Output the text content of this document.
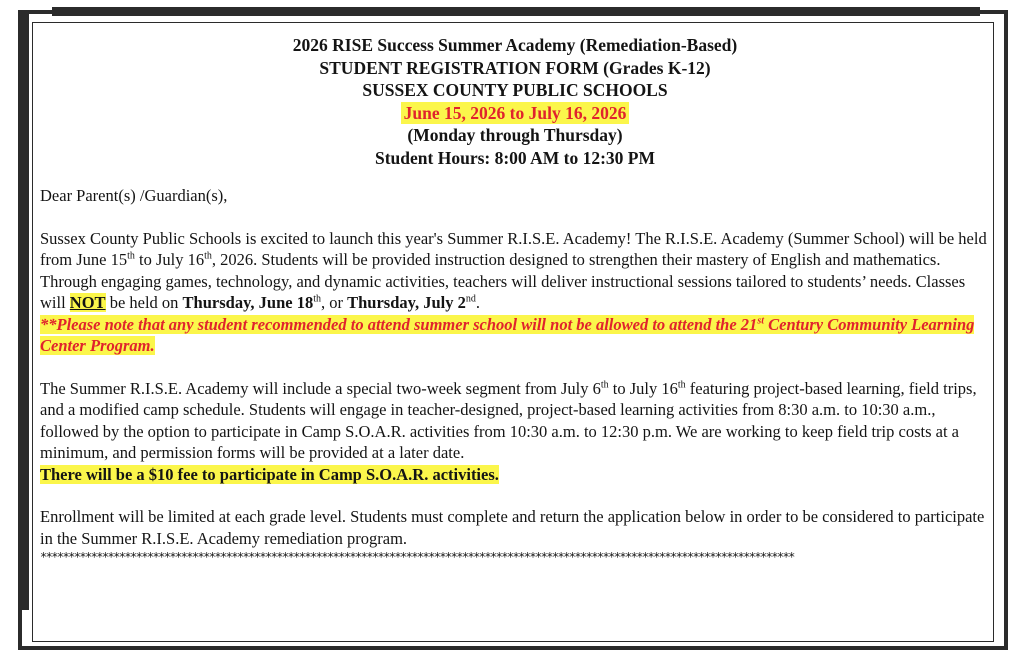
2026 RISE Success Summer Academy (Remediation-Based)
STUDENT REGISTRATION FORM (Grades K-12)
SUSSEX COUNTY PUBLIC SCHOOLS
June 15, 2026 to July 16, 2026
(Monday through Thursday)
Student Hours: 8:00 AM to 12:30 PM

Dear Parent(s) /Guardian(s),

Sussex County Public Schools is excited to launch this year's Summer R.I.S.E. Academy! The R.I.S.E. Academy (Summer School) will be held from June 15th to July 16th, 2026. Students will be provided instruction designed to strengthen their mastery of English and mathematics. Through engaging games, technology, and dynamic activities, teachers will deliver instructional sessions tailored to students’ needs. Classes will NOT be held on Thursday, June 18th, or Thursday, July 2nd.
**Please note that any student recommended to attend summer school will not be allowed to attend the 21st Century Community Learning Center Program.

The Summer R.I.S.E. Academy will include a special two-week segment from July 6th to July 16th featuring project-based learning, field trips, and a modified camp schedule. Students will engage in teacher-designed, project-based learning activities from 8:30 a.m. to 10:30 a.m., followed by the option to participate in Camp S.O.A.R. activities from 10:30 a.m. to 12:30 p.m. We are working to keep field trip costs at a minimum, and permission forms will be provided at a later date.
There will be a $10 fee to participate in Camp S.O.A.R. activities.

Enrollment will be limited at each grade level. Students must complete and return the application below in order to be considered to participate in the Summer R.I.S.E. Academy remediation program.

**************************************************************************************************************************************
